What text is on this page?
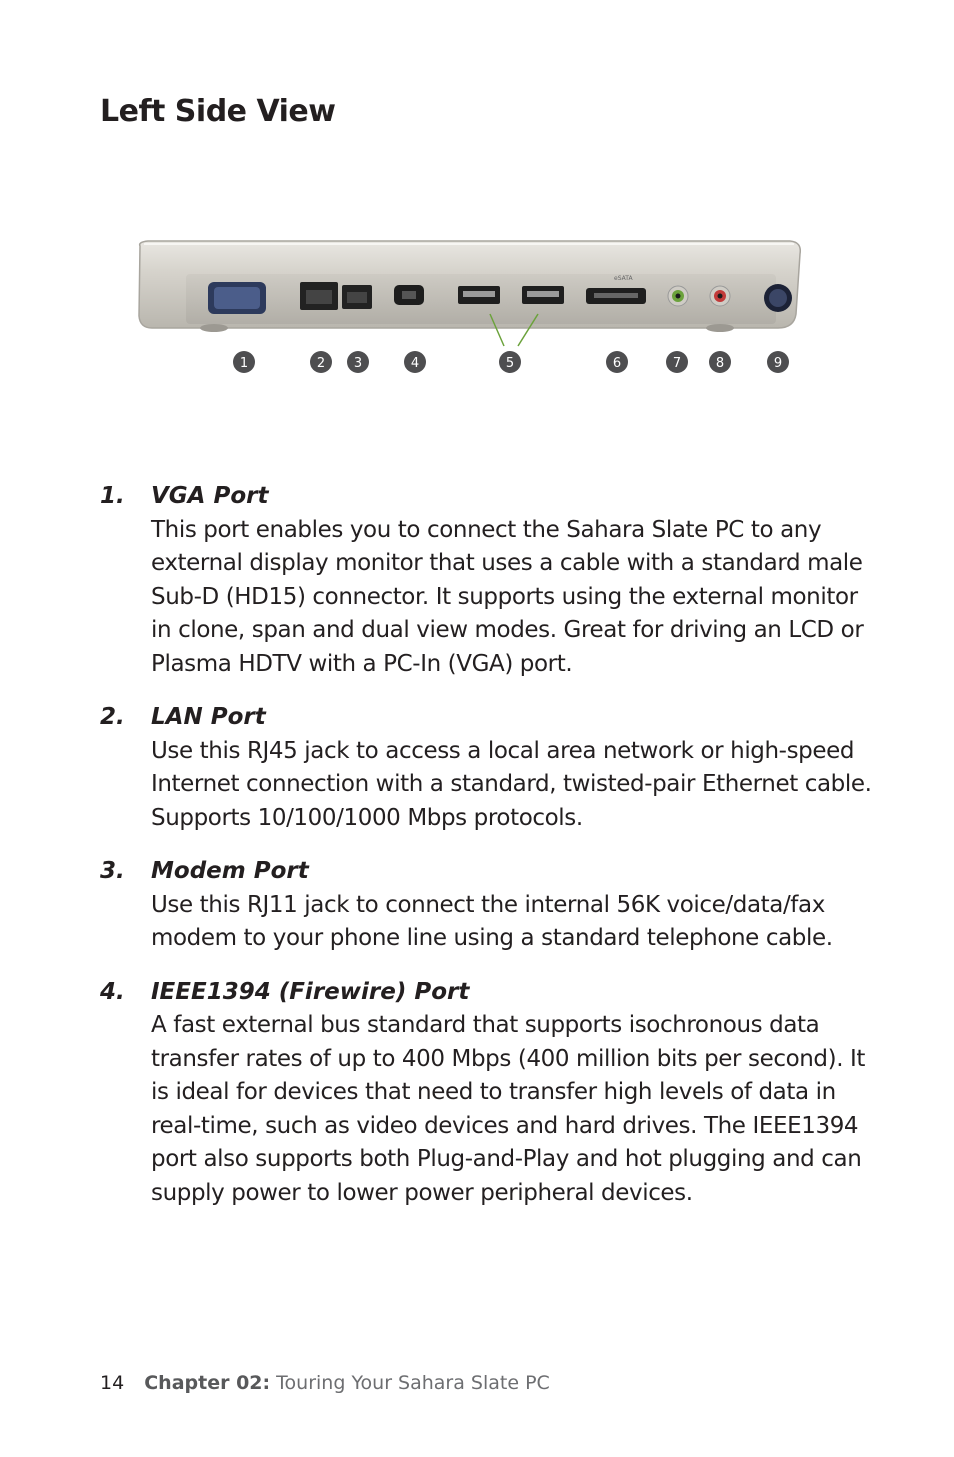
Left Side View
eSATA
1	2 3	4	5	6	7	8	9
1. VGA Port
This port enables you to connect the Sahara Slate PC to any external display monitor that uses a cable with a standard male Sub-D (HD15) connector. It supports using the external monitor in clone, span and dual view modes. Great for driving an LCD or Plasma HDTV with a PC-In (VGA) port.
2. LAN Port
Use this RJ45 jack to access a local area network or high-speed Internet connection with a standard, twisted-pair Ethernet cable. Supports 10/100/1000 Mbps protocols.
3. Modem Port
Use this RJ11 jack to connect the internal 56K voice/data/fax modem to your phone line using a standard telephone cable.
4. IEEE1394 (Firewire) Port
A fast external bus standard that supports isochronous data transfer rates of up to 400 Mbps (400 million bits per second). It is ideal for devices that need to transfer high levels of data in real-time, such as video devices and hard drives. The IEEE1394 port also supports both Plug-and-Play and hot plugging and can supply power to lower power peripheral devices.
14 Chapter 02: Touring Your Sahara Slate PC
